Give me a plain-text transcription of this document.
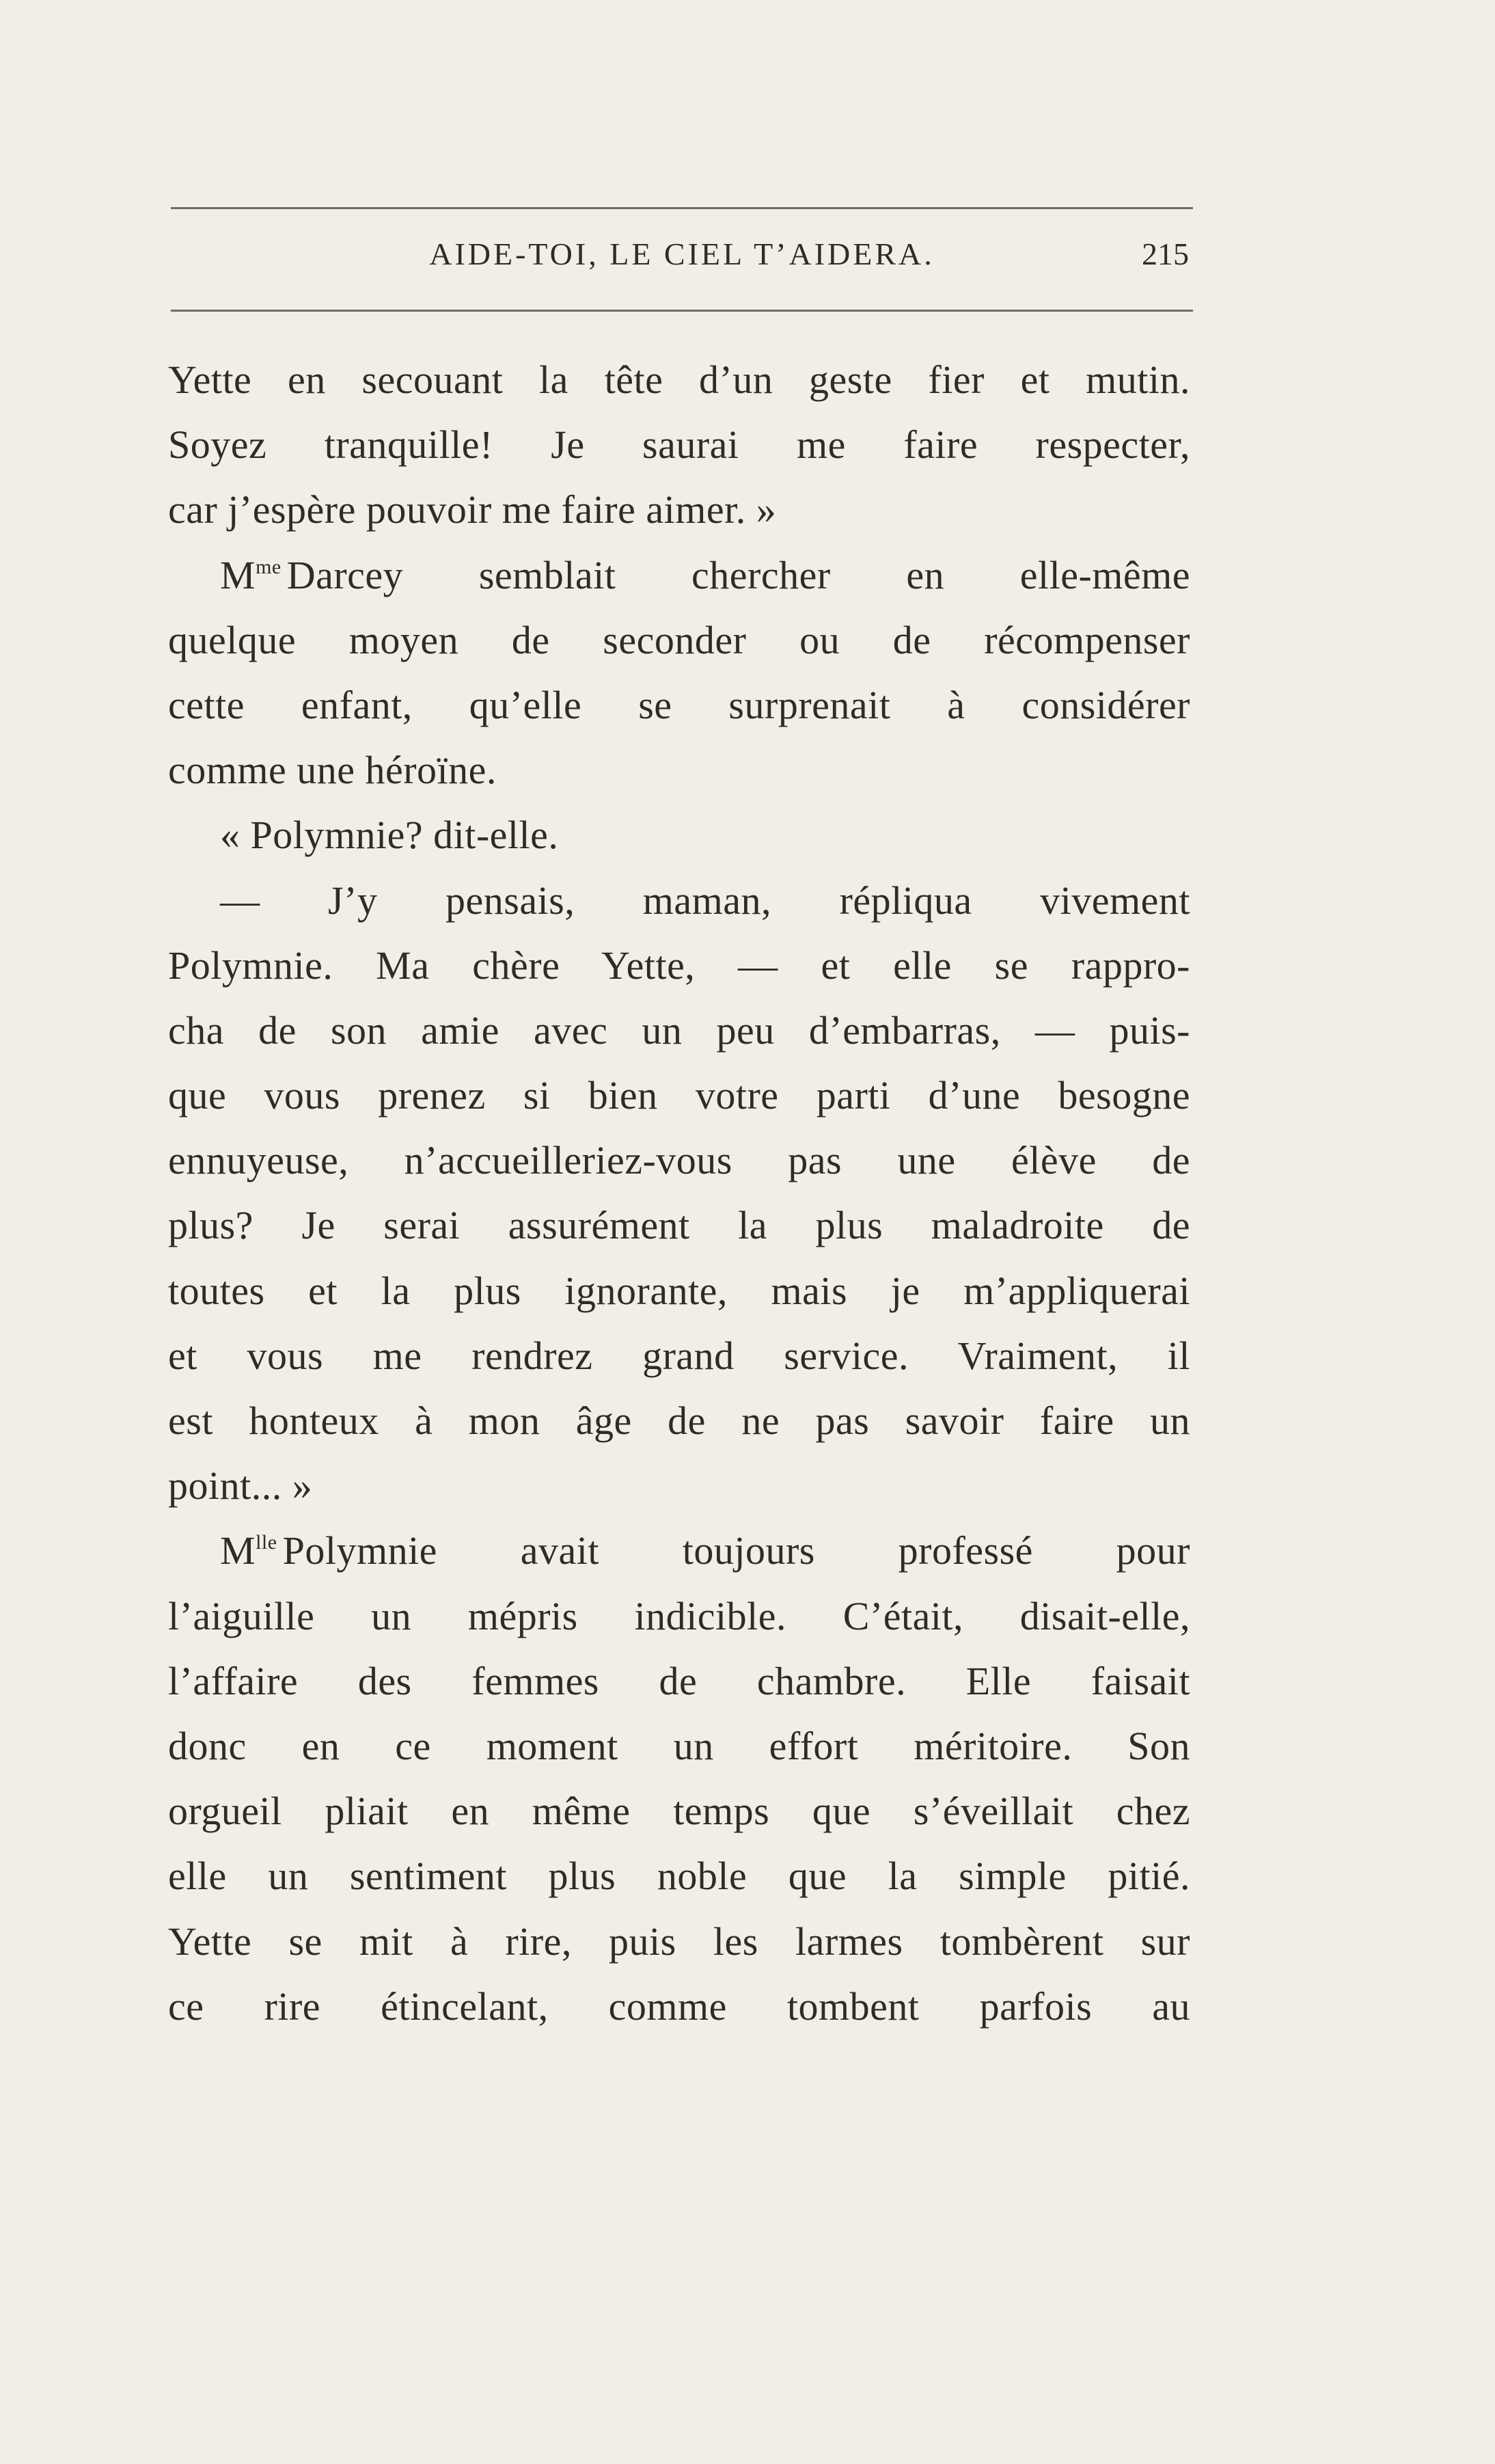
AIDE-TOI, LE CIEL T’AIDERA.	215
Yette en secouant la tête d’un geste fier et mutin.
Soyez tranquille! Je saurai me faire respecter,
car j’espère pouvoir me faire aimer. »
$M^{me}$ Darcey semblait chercher en elle-même
quelque moyen de seconder ou de récompenser
cette enfant, qu’elle se surprenait à considérer
comme une héroïne.
« Polymnie? dit-elle.
— J’y pensais, maman, répliqua vivement
Polymnie. Ma chère Yette, — et elle se rappro-
cha de son amie avec un peu d’embarras, — puis-
que vous prenez si bien votre parti d’une besogne
ennuyeuse, n’accueilleriez-vous pas une élève de
plus? Je serai assurément la plus maladroite de
toutes et la plus ignorante, mais je m’appliquerai
et vous me rendrez grand service. Vraiment, il
est honteux à mon âge de ne pas savoir faire un
point... »
$M^{lle}$ Polymnie avait toujours professé pour
l’aiguille un mépris indicible. C’était, disait-elle,
l’affaire des femmes de chambre. Elle faisait
donc en ce moment un effort méritoire. Son
orgueil pliait en même temps que s’éveillait chez
elle un sentiment plus noble que la simple pitié.
Yette se mit à rire, puis les larmes tombèrent sur
ce rire étincelant, comme tombent parfois au
